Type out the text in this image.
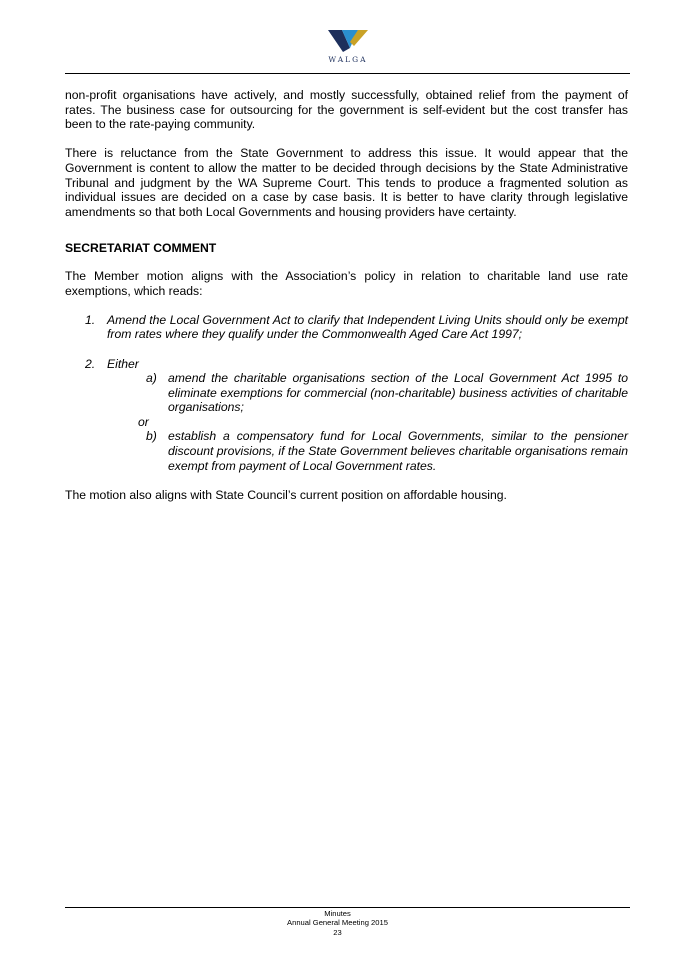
WALGA

non-profit organisations have actively, and mostly successfully, obtained relief from the payment of rates. The business case for outsourcing for the government is self-evident but the cost transfer has been to the rate-paying community.

There is reluctance from the State Government to address this issue. It would appear that the Government is content to allow the matter to be decided through decisions by the State Administrative Tribunal and judgment by the WA Supreme Court. This tends to produce a fragmented solution as individual issues are decided on a case by case basis. It is better to have clarity through legislative amendments so that both Local Governments and housing providers have certainty.

SECRETARIAT COMMENT

The Member motion aligns with the Association’s policy in relation to charitable land use rate exemptions, which reads:

1. Amend the Local Government Act to clarify that Independent Living Units should only be exempt from rates where they qualify under the Commonwealth Aged Care Act 1997;
2. Either
a) amend the charitable organisations section of the Local Government Act 1995 to eliminate exemptions for commercial (non-charitable) business activities of charitable organisations;
or
b) establish a compensatory fund for Local Governments, similar to the pensioner discount provisions, if the State Government believes charitable organisations remain exempt from payment of Local Government rates.

The motion also aligns with State Council’s current position on affordable housing.

Minutes
Annual General Meeting 2015
23
